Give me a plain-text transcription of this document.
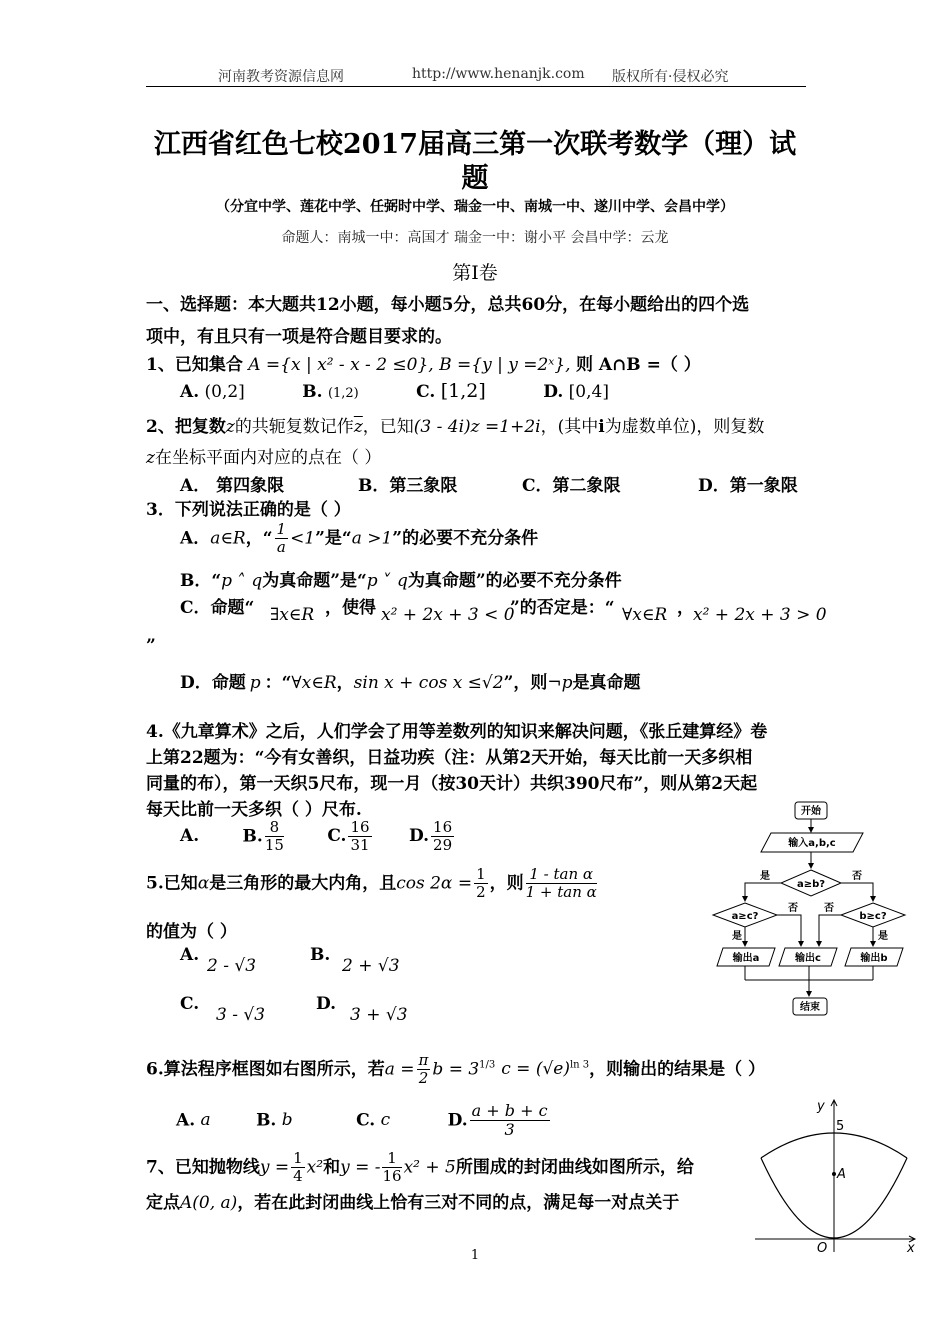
河南教考资源信息网	http://www.henanjk.com 版权所有·侵权必究
江西省红色七校2017届高三第一次联考数学（理）试
题
（分宜中学、莲花中学、任弼时中学、瑞金一中、南城一中、遂川中学、会昌中学）
命题人：南城一中：高国才 瑞金一中：谢小平 会昌中学：云龙
第Ⅰ卷
一、选择题：本大题共12小题，每小题5分，总共60分，在每小题给出的四个选
项中，有且只有一项是符合题目要求的。
1、已知集合 A ={x | x² - x - 2 ≤0}, B ={y | y =2ˣ}, 则 A∩B =（ ）
A. (0,2]	B. (1,2)	C. [1,2]	D. [0,4]
2、把复数z的共轭复数记作$\overline{z}$，已知(3 - 4i)z =1+2i，(其中i为虚数单位)，则复数
z在坐标平面内对应的点在（ ）
A． 第四象限	B．第三象限	C．第二象限	D．第一象限
3．下列说法正确的是（ ）
A．a∈R，“ $\frac{1}{a} <1$”是“a >1”的必要不充分条件
B．“p ˄ q为真命题”是“p ˅ q为真命题”的必要不充分条件
C．命题“ ∃x∈R ，使得 x² + 2x + 3 < 0
”的否定是：“ ∀x∈R ， x² + 2x + 3 > 0
”
D．命题 p ：“∀x∈R，sin x + cos x ≤√2”，则¬p是真命题
4.《九章算术》之后，人们学会了用等差数列的知识来解决问题，《张丘建算经》卷
上第22题为：“今有女善织，日益功疾（注：从第2天开始，每天比前一天多织相
同量的布），第一天织5尺布，现一月（按30天计）共织390尺布”，则从第2天起
每天比前一天多织（ ）尺布.
A.	B. $\frac{8}{15}$	C. $\frac{16}{31} D$. $\frac{16}{29}$
5.已知α是三角形的最大内角，且$\cos 2\alpha = \frac{1}{2}$ ，则 $\frac{\text{1 - tan α}}{\text{1 + tan α}}$
的值为（ ）
A.
2 - √3
B.
2 + √3
C.
3 - √3
D.
3 + √3
6.算法程序框图如右图所示，若$a = \frac{\pi}{2}$ $b = 3^{1/3}$ $c = (√e)^{ln 3}$，则输出的结果是（ ）
A. a	B. b	C. c	D. $\frac{a + b + c}{3}$
7、已知抛物线$y = \frac{1}{4} x^2$和y = - $\frac{1}{16} x^2 + 5$所围成的封闭曲线如图所示，给
定点A(0, a)，若在此封闭曲线上恰有三对不同的点，满足每一对点关于
开始
输入a,b,c
a≥b?
a≥c?	b≥c?
是	否
是
否	否
是
输出a	输出c	输出b
结束
y
x
O
5
A
1
